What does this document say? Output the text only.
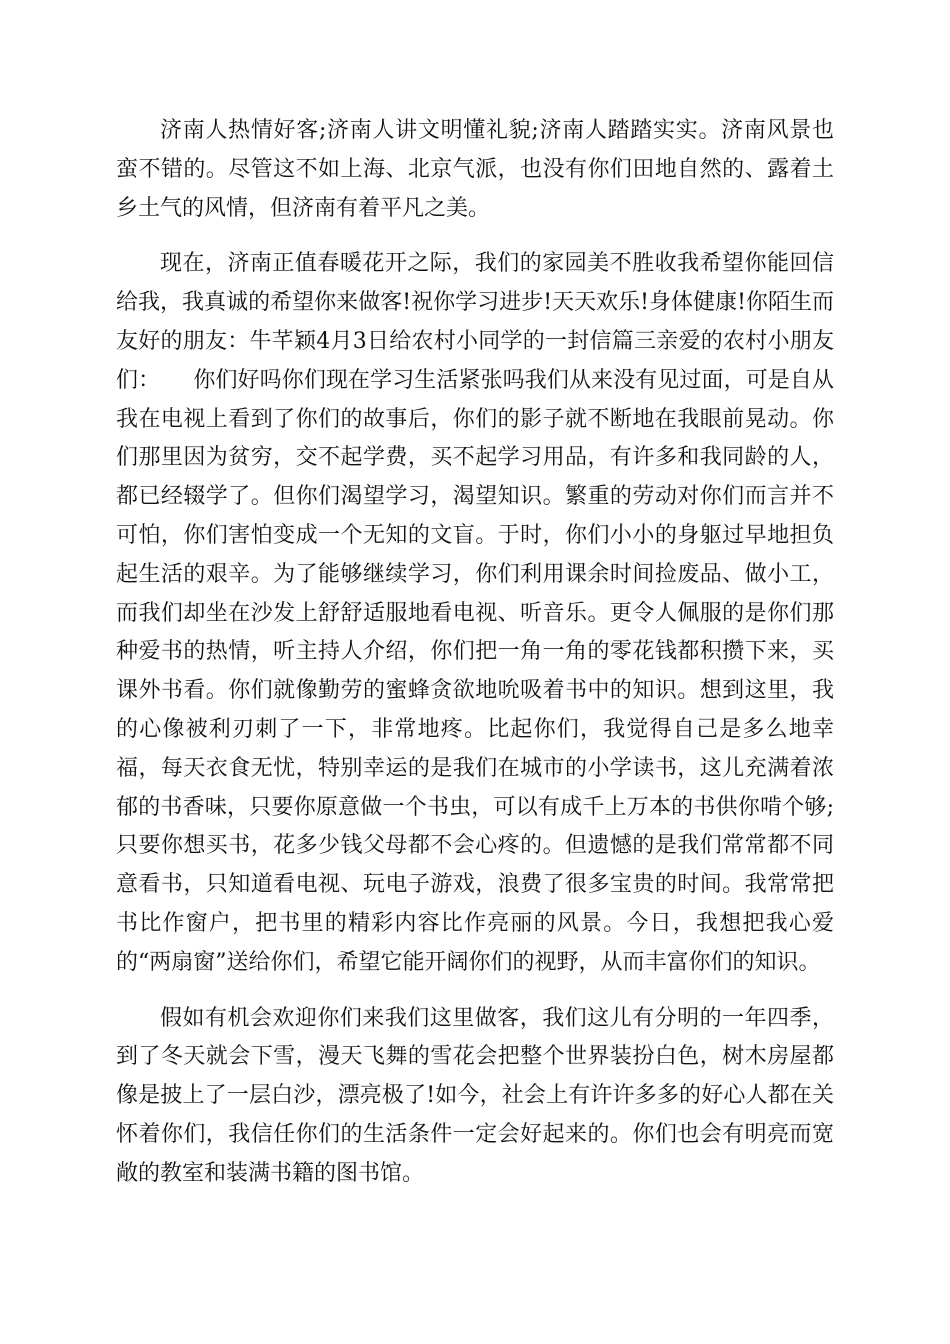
济南人热情好客;济南人讲文明懂礼貌;济南人踏踏实实。济南风景也蛮不错的。尽管这不如上海、北京气派，也没有你们田地自然的、露着土乡土气的风情，但济南有着平凡之美。

现在，济南正值春暖花开之际，我们的家园美不胜收我希望你能回信给我，我真诚的希望你来做客!祝你学习进步!天天欢乐!身体健康!你陌生而友好的朋友：牛芊颖4月3日给农村小同学的一封信篇三亲爱的农村小朋友们：　　你们好吗你们现在学习生活紧张吗我们从来没有见过面，可是自从我在电视上看到了你们的故事后，你们的影子就不断地在我眼前晃动。你们那里因为贫穷，交不起学费，买不起学习用品，有许多和我同龄的人，都已经辍学了。但你们渴望学习，渴望知识。繁重的劳动对你们而言并不可怕，你们害怕变成一个无知的文盲。于时，你们小小的身躯过早地担负起生活的艰辛。为了能够继续学习，你们利用课余时间捡废品、做小工，而我们却坐在沙发上舒舒适服地看电视、听音乐。更令人佩服的是你们那种爱书的热情，听主持人介绍，你们把一角一角的零花钱都积攒下来，买课外书看。你们就像勤劳的蜜蜂贪欲地吮吸着书中的知识。想到这里，我的心像被利刃刺了一下，非常地疼。比起你们，我觉得自己是多么地幸福，每天衣食无忧，特别幸运的是我们在城市的小学读书，这儿充满着浓郁的书香味，只要你原意做一个书虫，可以有成千上万本的书供你啃个够;只要你想买书，花多少钱父母都不会心疼的。但遗憾的是我们常常都不同意看书，只知道看电视、玩电子游戏，浪费了很多宝贵的时间。我常常把书比作窗户，把书里的精彩内容比作亮丽的风景。今日，我想把我心爱的“两扇窗”送给你们，希望它能开阔你们的视野，从而丰富你们的知识。

假如有机会欢迎你们来我们这里做客，我们这儿有分明的一年四季，到了冬天就会下雪，漫天飞舞的雪花会把整个世界装扮白色，树木房屋都像是披上了一层白沙，漂亮极了!如今，社会上有许许多多的好心人都在关怀着你们，我信任你们的生活条件一定会好起来的。你们也会有明亮而宽敞的教室和装满书籍的图书馆。
